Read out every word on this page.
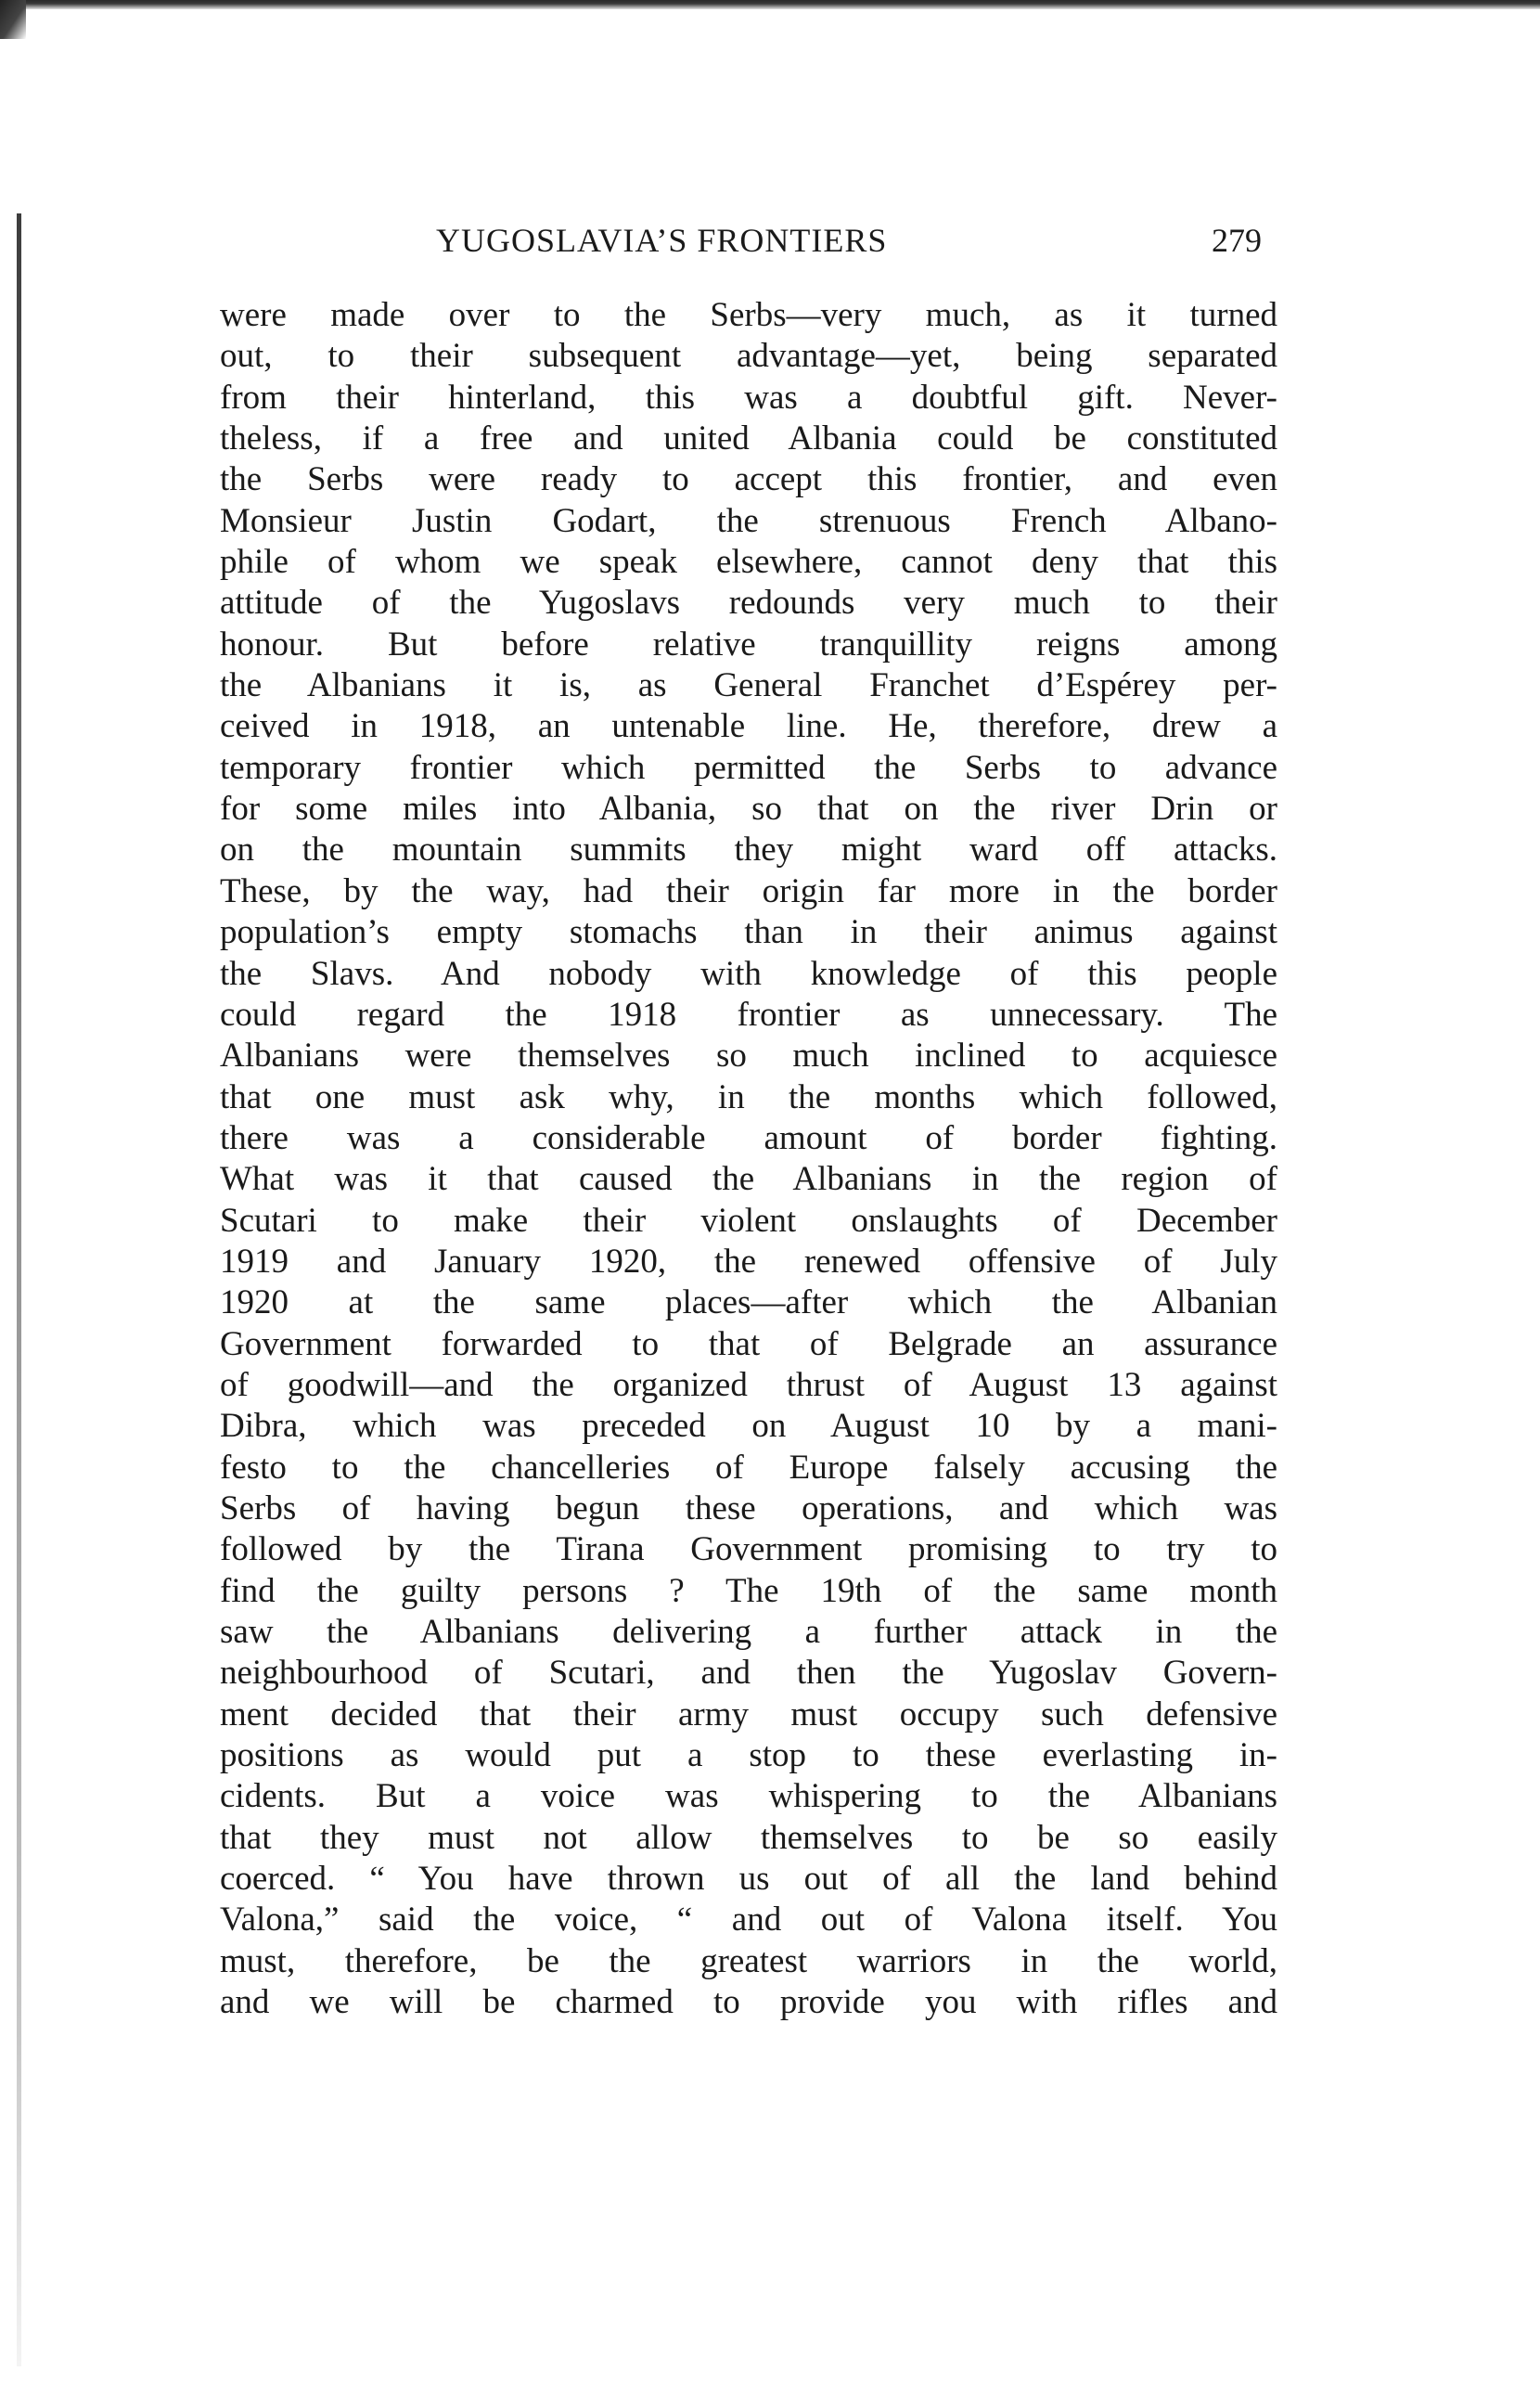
YUGOSLAVIA’S FRONTIERS	279
were made over to the Serbs—very much, as it turned
out, to their subsequent advantage—yet, being separated
from their hinterland, this was a doubtful gift. Never-
theless, if a free and united Albania could be constituted
the Serbs were ready to accept this frontier, and even
Monsieur Justin Godart, the strenuous French Albano-
phile of whom we speak elsewhere, cannot deny that this
attitude of the Yugoslavs redounds very much to their
honour. But before relative tranquillity reigns among
the Albanians it is, as General Franchet d’Espérey per-
ceived in 1918, an untenable line. He, therefore, drew a
temporary frontier which permitted the Serbs to advance
for some miles into Albania, so that on the river Drin or
on the mountain summits they might ward off attacks.
These, by the way, had their origin far more in the border
population’s empty stomachs than in their animus against
the Slavs. And nobody with knowledge of this people
could regard the 1918 frontier as unnecessary. The
Albanians were themselves so much inclined to acquiesce
that one must ask why, in the months which followed,
there was a considerable amount of border fighting.
What was it that caused the Albanians in the region of
Scutari to make their violent onslaughts of December
1919 and January 1920, the renewed offensive of July
1920 at the same places—after which the Albanian
Government forwarded to that of Belgrade an assurance
of goodwill—and the organized thrust of August 13 against
Dibra, which was preceded on August 10 by a mani-
festo to the chancelleries of Europe falsely accusing the
Serbs of having begun these operations, and which was
followed by the Tirana Government promising to try to
find the guilty persons ? The 19th of the same month
saw the Albanians delivering a further attack in the
neighbourhood of Scutari, and then the Yugoslav Govern-
ment decided that their army must occupy such defensive
positions as would put a stop to these everlasting in-
cidents. But a voice was whispering to the Albanians
that they must not allow themselves to be so easily
coerced. “ You have thrown us out of all the land behind
Valona,” said the voice, “ and out of Valona itself. You
must, therefore, be the greatest warriors in the world,
and we will be charmed to provide you with rifles and
